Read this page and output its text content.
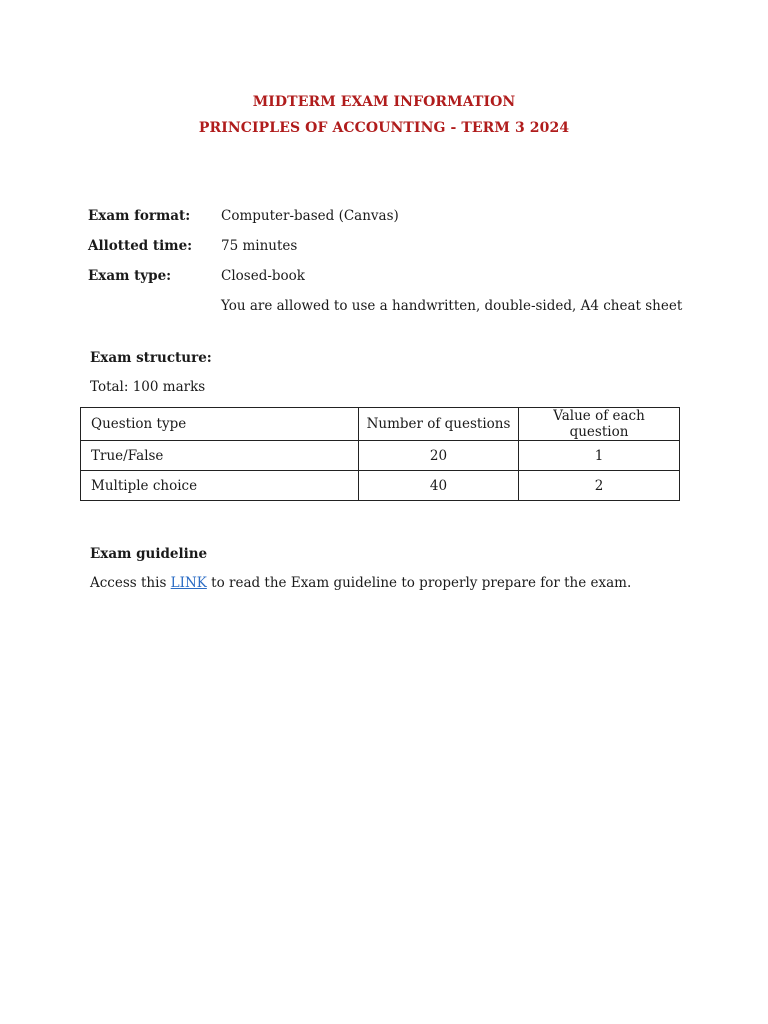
MIDTERM EXAM INFORMATION
PRINCIPLES OF ACCOUNTING - TERM 3 2024
Exam format:	Computer-based (Canvas)
Allotted time:	75 minutes
Exam type:	Closed-book
You are allowed to use a handwritten, double-sided, A4 cheat sheet
Exam structure:
Total: 100 marks
Question type	Number of questions	Value of each question
True/False	20	1
Multiple choice	40	2
Exam guideline
Access this LINK to read the Exam guideline to properly prepare for the exam.
